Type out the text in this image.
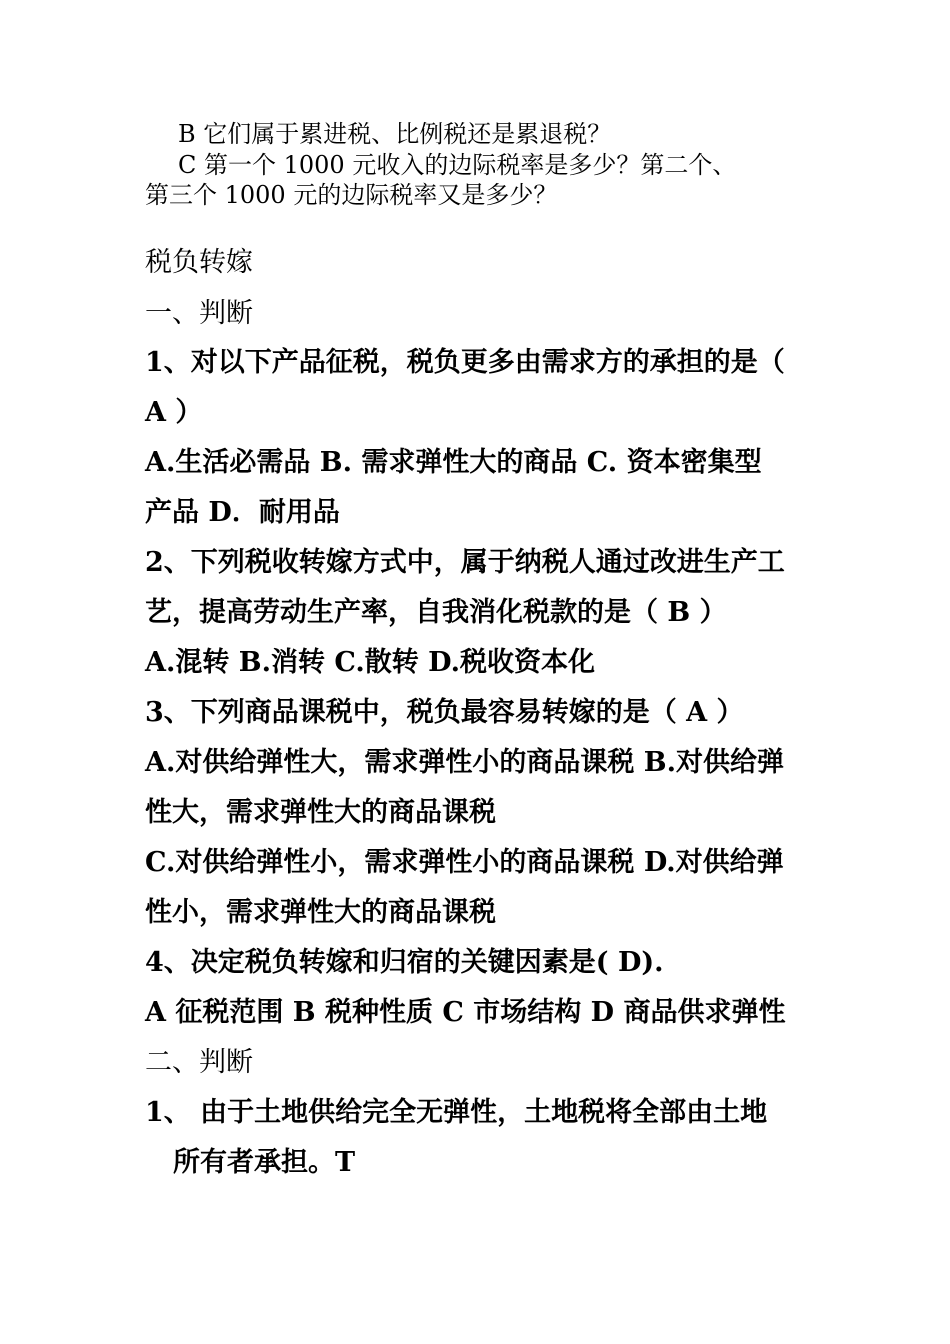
B 它们属于累进税、比例税还是累退税？
C 第一个 1000 元收入的边际税率是多少？第二个、
第三个 1000 元的边际税率又是多少？
税负转嫁
一、判断
1、对以下产品征税，税负更多由需求方的承担的是（
A ）
A.生活必需品 B. 需求弹性大的商品 C. 资本密集型
产品 D．耐用品
2、下列税收转嫁方式中，属于纳税人通过改进生产工
艺，提高劳动生产率，自我消化税款的是（ B ）
A.混转 B.消转 C.散转 D.税收资本化
3、下列商品课税中，税负最容易转嫁的是（ A ）
A.对供给弹性大，需求弹性小的商品课税 B.对供给弹
性大，需求弹性大的商品课税
C.对供给弹性小，需求弹性小的商品课税 D.对供给弹
性小，需求弹性大的商品课税
4、决定税负转嫁和归宿的关键因素是( D).
A 征税范围 B 税种性质 C 市场结构 D 商品供求弹性
二、判断
1、 由于土地供给完全无弹性，土地税将全部由土地
所有者承担。T
